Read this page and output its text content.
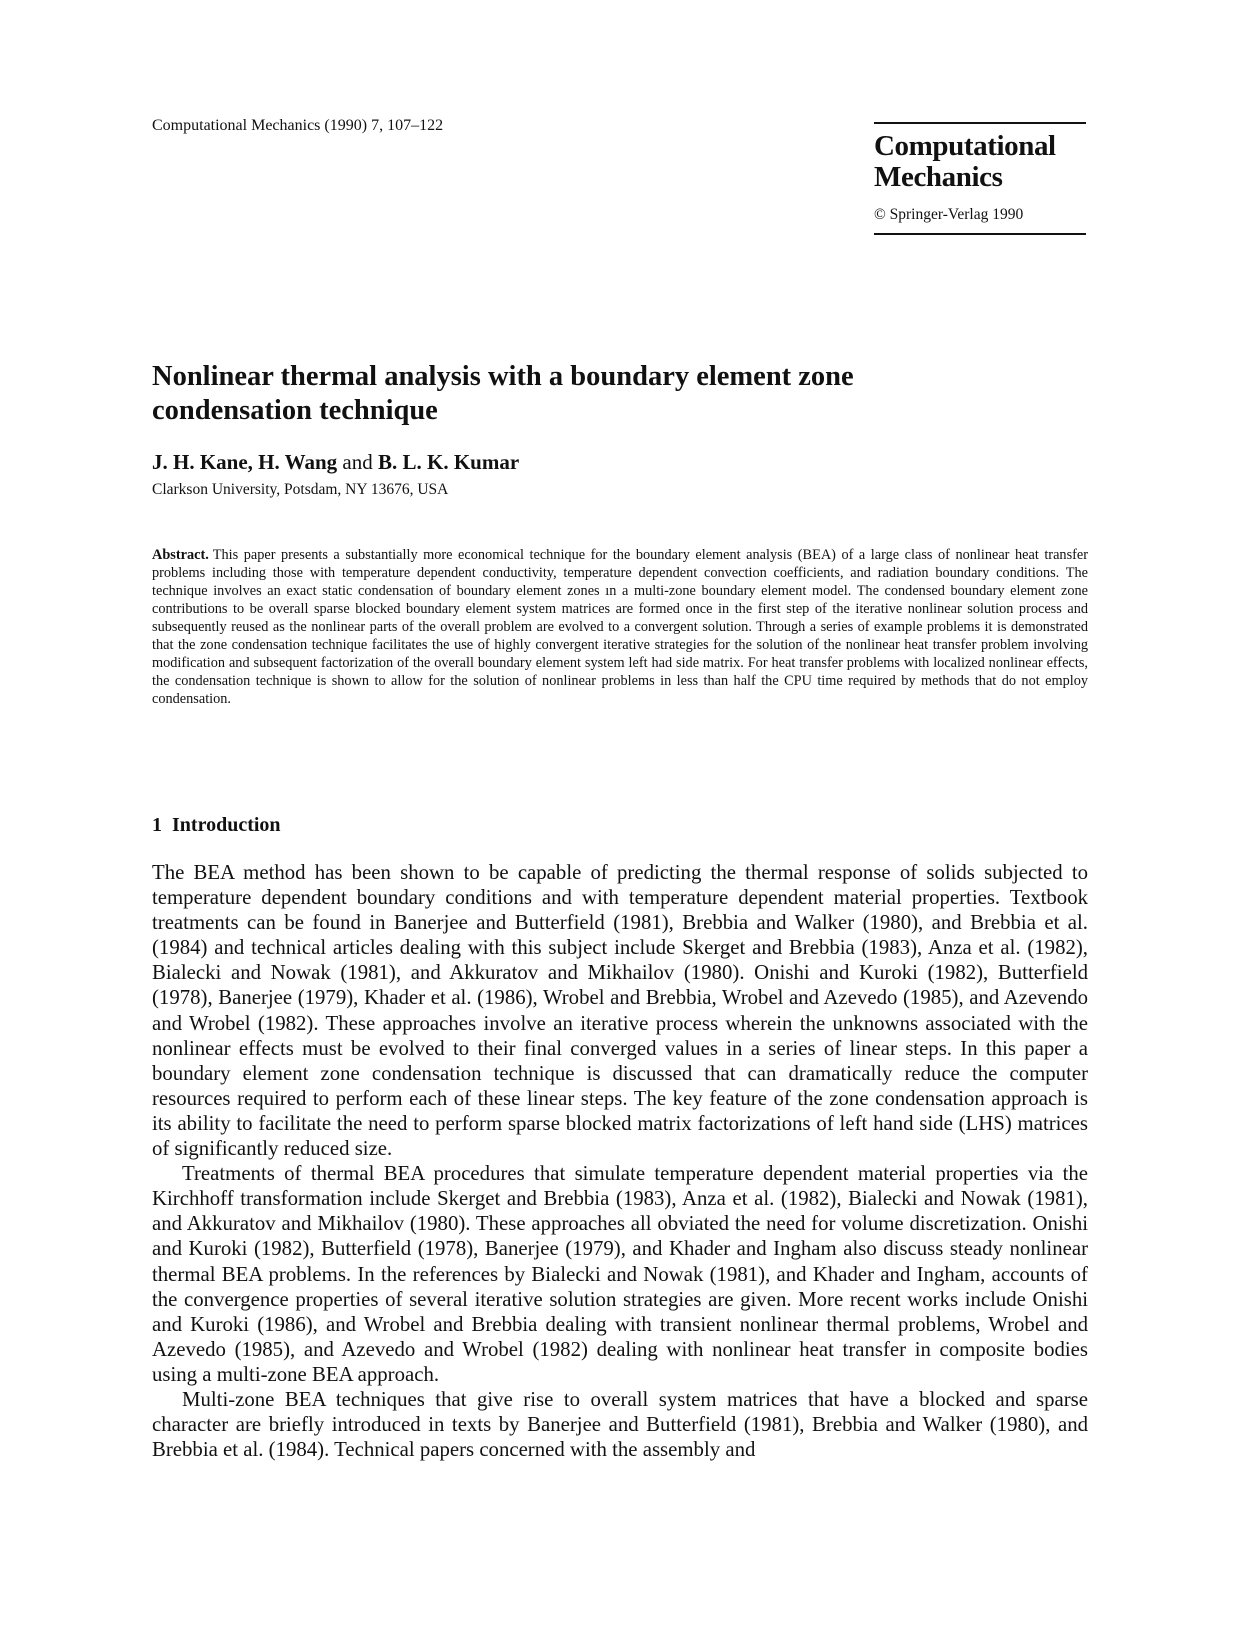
Computational Mechanics (1990) 7, 107–122
Computational
Mechanics
© Springer-Verlag 1990
Nonlinear thermal analysis with a boundary element zone
condensation technique
J. H. Kane, H. Wang and B. L. K. Kumar
Clarkson University, Potsdam, NY 13676, USA

Abstract. This paper presents a substantially more economical technique for the boundary element analysis (BEA) of a large class of nonlinear heat transfer problems including those with temperature dependent conductivity, temperature dependent convection coefficients, and radiation boundary conditions. The technique involves an exact static condensation of boundary element zones ın a multi-zone boundary element model. The condensed boundary element zone contributions to be overall sparse blocked boundary element system matrices are formed once in the first step of the iterative nonlinear solution process and subsequently reused as the nonlinear parts of the overall problem are evolved to a convergent solution. Through a series of example problems it is demonstrated that the zone condensation technique facilitates the use of highly convergent iterative strategies for the solution of the nonlinear heat transfer problem involving modification and subsequent factorization of the overall boundary element system left had side matrix. For heat transfer problems with localized nonlinear effects, the condensation technique is shown to allow for the solution of nonlinear problems in less than half the CPU time required by methods that do not employ condensation.

1 Introduction

The BEA method has been shown to be capable of predicting the thermal response of solids subjected to temperature dependent boundary conditions and with temperature dependent material properties. Textbook treatments can be found in Banerjee and Butterfield (1981), Brebbia and Walker (1980), and Brebbia et al. (1984) and technical articles dealing with this subject include Skerget and Brebbia (1983), Anza et al. (1982), Bialecki and Nowak (1981), and Akkuratov and Mikhailov (1980). Onishi and Kuroki (1982), Butterfield (1978), Banerjee (1979), Khader et al. (1986), Wrobel and Brebbia, Wrobel and Azevedo (1985), and Azevendo and Wrobel (1982). These approaches involve an iterative process wherein the unknowns associated with the nonlinear effects must be evolved to their final converged values in a series of linear steps. In this paper a boundary element zone condensation technique is discussed that can dramatically reduce the computer resources required to perform each of these linear steps. The key feature of the zone condensation approach is its ability to facilitate the need to perform sparse blocked matrix factorizations of left hand side (LHS) matrices of significantly reduced size.

Treatments of thermal BEA procedures that simulate temperature dependent material properties via the Kirchhoff transformation include Skerget and Brebbia (1983), Anza et al. (1982), Bialecki and Nowak (1981), and Akkuratov and Mikhailov (1980). These approaches all obviated the need for volume discretization. Onishi and Kuroki (1982), Butterfield (1978), Banerjee (1979), and Khader and Ingham also discuss steady nonlinear thermal BEA problems. In the references by Bialecki and Nowak (1981), and Khader and Ingham, accounts of the convergence properties of several iterative solution strategies are given. More recent works include Onishi and Kuroki (1986), and Wrobel and Brebbia dealing with transient nonlinear thermal problems, Wrobel and Azevedo (1985), and Azevedo and Wrobel (1982) dealing with nonlinear heat transfer in composite bodies using a multi-zone BEA approach.

Multi-zone BEA techniques that give rise to overall system matrices that have a blocked and sparse character are briefly introduced in texts by Banerjee and Butterfield (1981), Brebbia and Walker (1980), and Brebbia et al. (1984). Technical papers concerned with the assembly and
